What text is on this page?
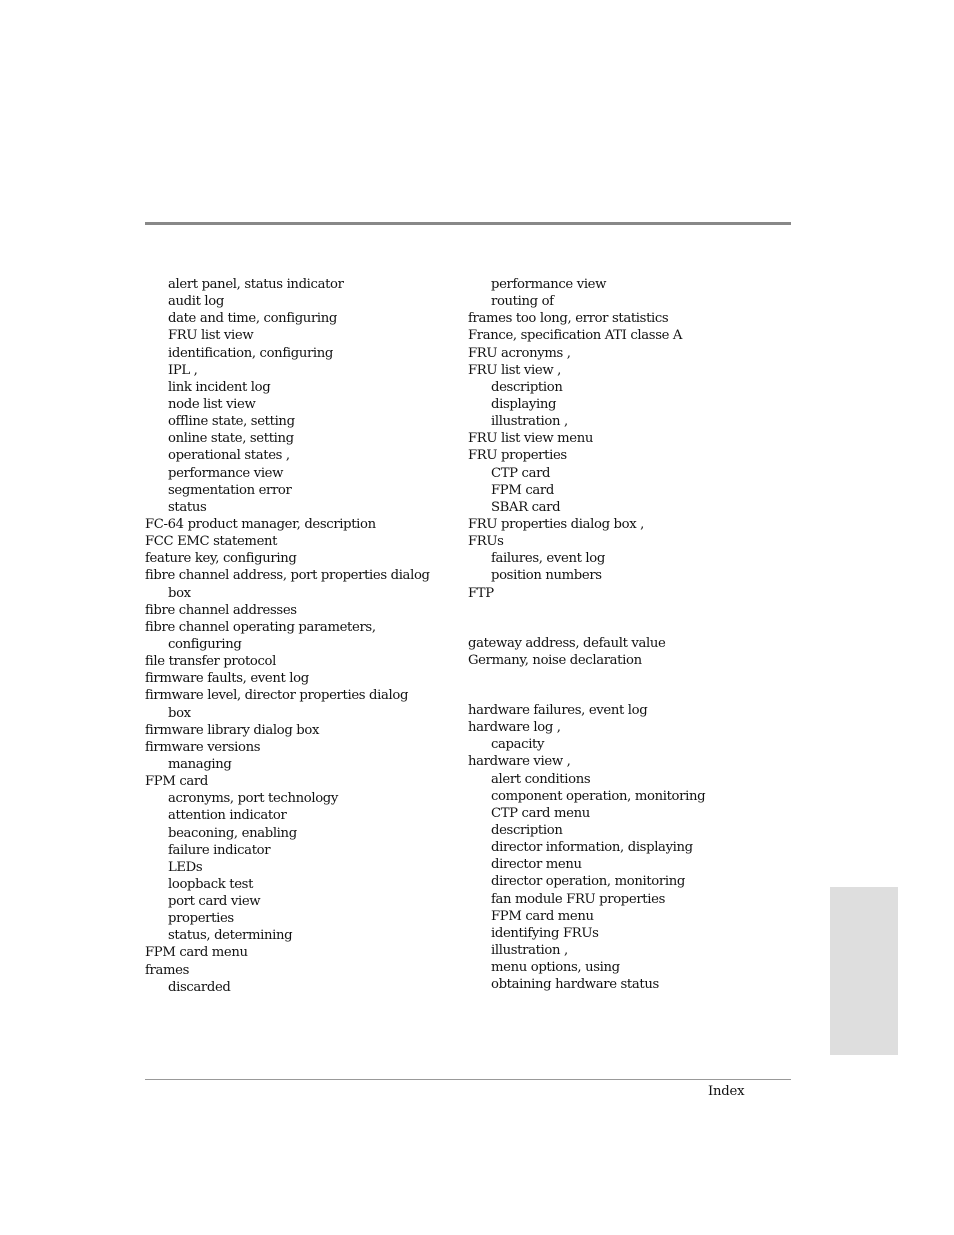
alert panel, status indicator
audit log
date and time, configuring
FRU list view
identification, configuring
IPL ,
link incident log
node list view
offline state, setting
online state, setting
operational states ,
performance view
segmentation error
status
FC-64 product manager, description
FCC EMC statement
feature key, configuring
fibre channel address, port properties dialog
box
fibre channel addresses
fibre channel operating parameters,
configuring
file transfer protocol
firmware faults, event log
firmware level, director properties dialog
box
firmware library dialog box
firmware versions
managing
FPM card
acronyms, port technology
attention indicator
beaconing, enabling
failure indicator
LEDs
loopback test
port card view
properties
status, determining
FPM card menu
frames
discarded
performance view
routing of
frames too long, error statistics
France, specification ATI classe A
FRU acronyms ,
FRU list view ,
description
displaying
illustration ,
FRU list view menu
FRU properties
CTP card
FPM card
SBAR card
FRU properties dialog box ,
FRUs
failures, event log
position numbers
FTP
gateway address, default value
Germany, noise declaration
hardware failures, event log
hardware log ,
capacity
hardware view ,
alert conditions
component operation, monitoring
CTP card menu
description
director information, displaying
director menu
director operation, monitoring
fan module FRU properties
FPM card menu
identifying FRUs
illustration ,
menu options, using
obtaining hardware status
Index
